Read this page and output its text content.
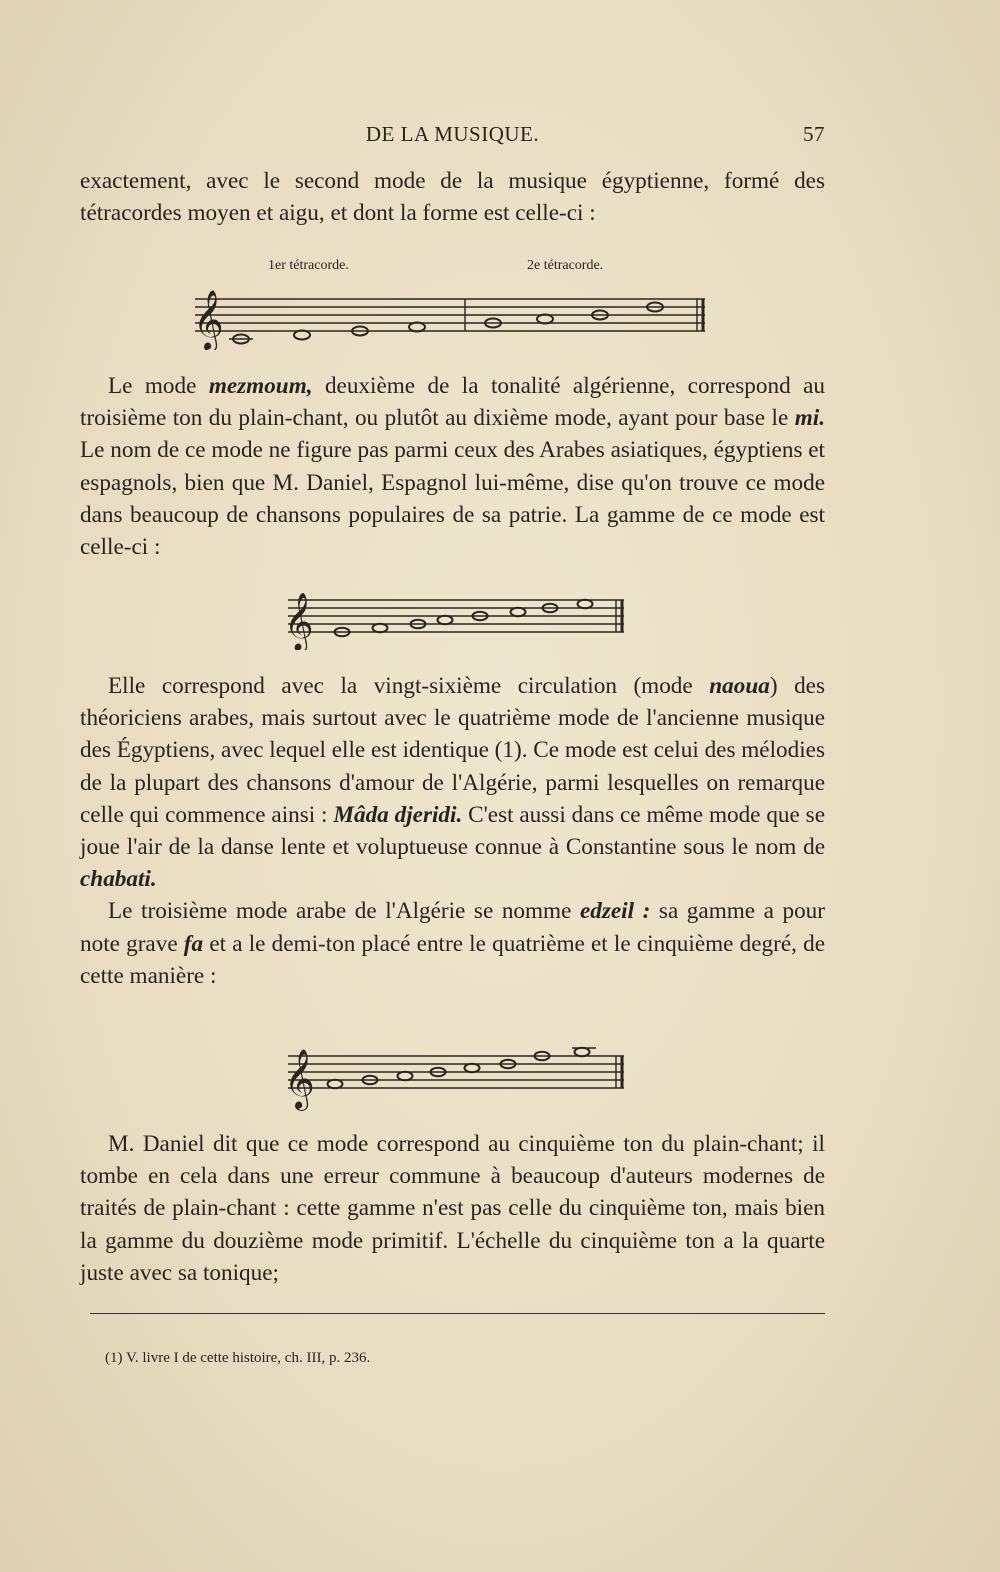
DE LA MUSIQUE.	57

exactement, avec le second mode de la musique égyptienne, formé des tétracordes moyen et aigu, et dont la forme est celle-ci :

1er tétracorde.	2e tétracorde.
𝄞

Le mode mezmoum, deuxième de la tonalité algérienne, correspond au troisième ton du plain-chant, ou plutôt au dixième mode, ayant pour base le mi. Le nom de ce mode ne figure pas parmi ceux des Arabes asiatiques, égyptiens et espagnols, bien que M. Daniel, Espagnol lui-même, dise qu'on trouve ce mode dans beaucoup de chansons populaires de sa patrie. La gamme de ce mode est celle-ci :

𝄞

Elle correspond avec la vingt-sixième circulation (mode naoua) des théoriciens arabes, mais surtout avec le quatrième mode de l'ancienne musique des Égyptiens, avec lequel elle est identique (1). Ce mode est celui des mélodies de la plupart des chansons d'amour de l'Algérie, parmi lesquelles on remarque celle qui commence ainsi : Mâda djeridi. C'est aussi dans ce même mode que se joue l'air de la danse lente et voluptueuse connue à Constantine sous le nom de chabati.

Le troisième mode arabe de l'Algérie se nomme edzeil : sa gamme a pour note grave fa et a le demi-ton placé entre le quatrième et le cinquième degré, de cette manière :

𝄞

M. Daniel dit que ce mode correspond au cinquième ton du plain-chant; il tombe en cela dans une erreur commune à beaucoup d'auteurs modernes de traités de plain-chant : cette gamme n'est pas celle du cinquième ton, mais bien la gamme du douzième mode primitif. L'échelle du cinquième ton a la quarte juste avec sa tonique;

(1) V. livre I de cette histoire, ch. III, p. 236.
